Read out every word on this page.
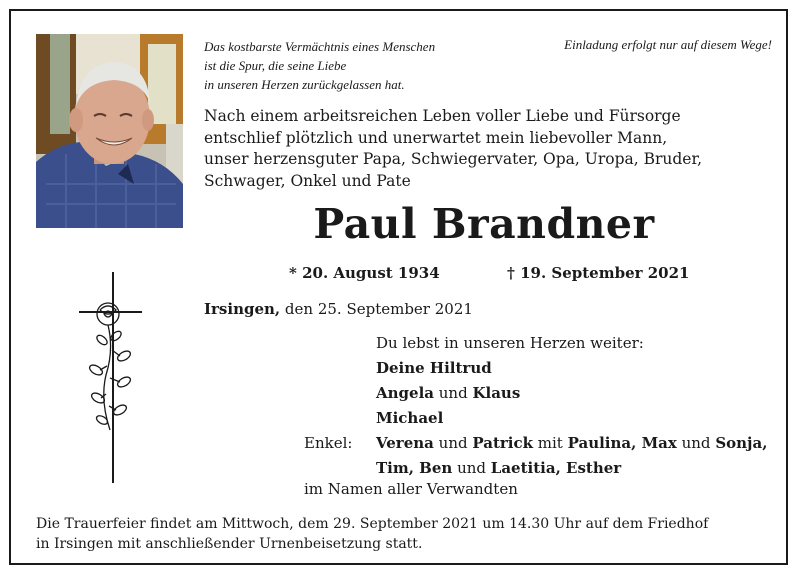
Das kostbarste Vermächtnis eines Menschen
ist die Spur, die seine Liebe
in unseren Herzen zurückgelassen hat.
Einladung erfolgt nur auf diesem Wege!
Nach einem arbeitsreichen Leben voller Liebe und Fürsorge
entschlief plötzlich und unerwartet mein liebevoller Mann,
unser herzensguter Papa, Schwiegervater, Opa, Uropa, Bruder,
Schwager, Onkel und Pate
Paul Brandner
* 20. August 1934	† 19. September 2021
Irsingen, den 25. September 2021
Du lebst in unseren Herzen weiter:
Deine Hiltrud
Angela und Klaus
Michael
Enkel: Verena und Patrick mit Paulina, Max und Sonja,
Tim, Ben und Laetitia, Esther
im Namen aller Verwandten
Die Trauerfeier findet am Mittwoch, dem 29. September 2021 um 14.30 Uhr auf dem Friedhof
in Irsingen mit anschließender Urnenbeisetzung statt.
